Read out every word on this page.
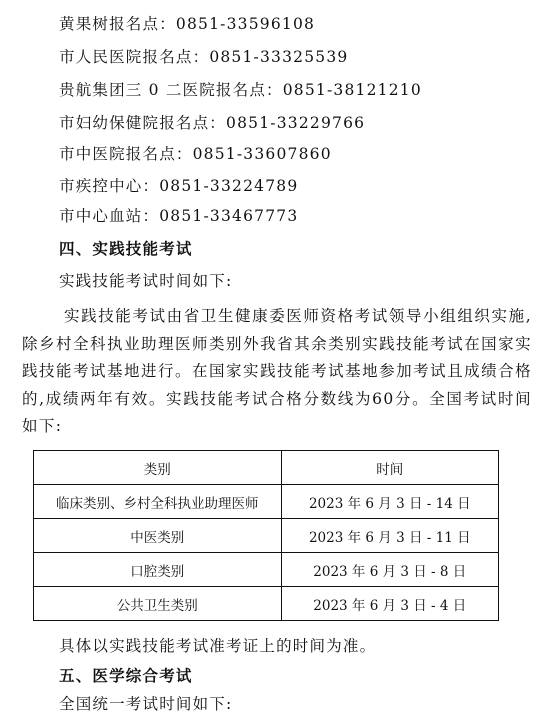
黄果树报名点：0851-33596108
市人民医院报名点：0851-33325539
贵航集团三 0 二医院报名点：0851-38121210
市妇幼保健院报名点：0851-33229766
市中医院报名点：0851-33607860
市疾控中心：0851-33224789
市中心血站：0851-33467773
四、实践技能考试
实践技能考试时间如下:
实践技能考试由省卫生健康委医师资格考试领导小组组织实施,除乡村全科执业助理医师类别外我省其余类别实践技能考试在国家实践技能考试基地进行。在国家实践技能考试基地参加考试且成绩合格的,成绩两年有效。实践技能考试合格分数线为60分。全国考试时间如下:
类别	时间
临床类别、乡村全科执业助理医师	2023 年 6 月 3 日 - 14 日
中医类别	2023 年 6 月 3 日 - 11 日
口腔类别	2023 年 6 月 3 日 - 8 日
公共卫生类别	2023 年 6 月 3 日 - 4 日
具体以实践技能考试准考证上的时间为准。
五、医学综合考试
全国统一考试时间如下:
